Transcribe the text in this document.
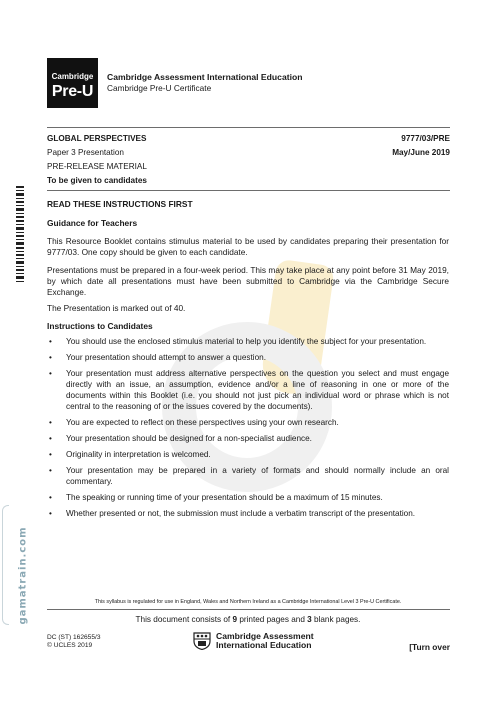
Cambridge
Pre-U
Cambridge Assessment International Education
Cambridge Pre-U Certificate
GLOBAL PERSPECTIVES	9777/03/PRE
Paper 3 Presentation	May/June 2019
PRE-RELEASE MATERIAL
To be given to candidates
READ THESE INSTRUCTIONS FIRST
Guidance for Teachers
This Resource Booklet contains stimulus material to be used by candidates preparing their presentation for 9777/03. One copy should be given to each candidate.
Presentations must be prepared in a four-week period. This may take place at any point before 31 May 2019, by which date all presentations must have been submitted to Cambridge via the Cambridge Secure Exchange.
The Presentation is marked out of 40.
Instructions to Candidates
• You should use the enclosed stimulus material to help you identify the subject for your presentation.
• Your presentation should attempt to answer a question.
• Your presentation must address alternative perspectives on the question you select and must engage directly with an issue, an assumption, evidence and/or a line of reasoning in one or more of the documents within this Booklet (i.e. you should not just pick an individual word or phrase which is not central to the reasoning of or the issues covered by the documents).
• You are expected to reflect on these perspectives using your own research.
• Your presentation should be designed for a non-specialist audience.
• Originality in interpretation is welcomed.
• Your presentation may be prepared in a variety of formats and should normally include an oral commentary.
• The speaking or running time of your presentation should be a maximum of 15 minutes.
• Whether presented or not, the submission must include a verbatim transcript of the presentation.
gamatrain.com	This syllabus is regulated for use in England, Wales and Northern Ireland as a Cambridge International Level 3 Pre-U Certificate.
This document consists of 9 printed pages and 3 blank pages.
DC (ST) 162655/3
© UCLES 2019
Cambridge Assessment
International Education	[Turn over
